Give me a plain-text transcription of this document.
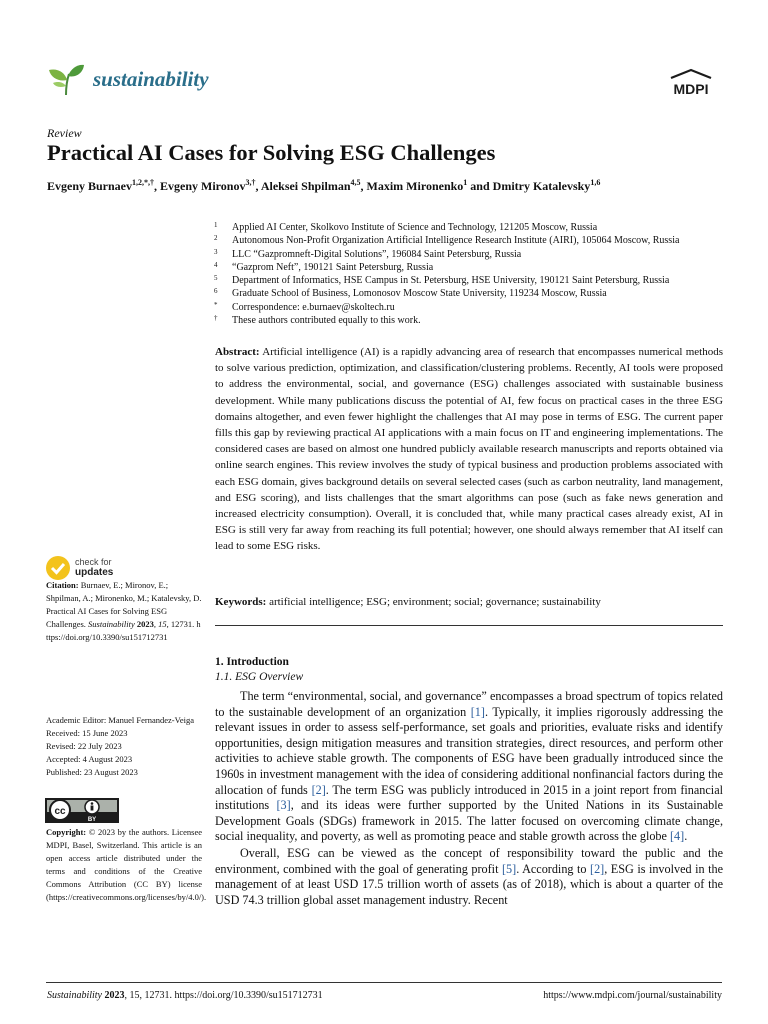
sustainability	MDPI
Review
Practical AI Cases for Solving ESG Challenges
Evgeny Burnaev$^{1,2,*,\dagger}$, Evgeny Mironov$^{3,\dagger}$, Aleksei Shpilman$^{4,5}$, Maxim Mironenko$^1$ and Dmitry Katalevsky$^{1,6}$
1	Applied AI Center, Skolkovo Institute of Science and Technology, 121205 Moscow, Russia
2	Autonomous Non-Profit Organization Artificial Intelligence Research Institute (AIRI), 105064 Moscow, Russia
3	LLC “Gazpromneft-Digital Solutions”, 196084 Saint Petersburg, Russia
4	“Gazprom Neft”, 190121 Saint Petersburg, Russia
5	Department of Informatics, HSE Campus in St. Petersburg, HSE University, 190121 Saint Petersburg, Russia
6	Graduate School of Business, Lomonosov Moscow State University, 119234 Moscow, Russia
*	Correspondence: e.burnaev@skoltech.ru
†	These authors contributed equally to this work.

Abstract: Artificial intelligence (AI) is a rapidly advancing area of research that encompasses numerical methods to solve various prediction, optimization, and classification/clustering problems. Recently, AI tools were proposed to address the environmental, social, and governance (ESG) challenges associated with sustainable business development. While many publications discuss the potential of AI, few focus on practical cases in the three ESG domains altogether, and even fewer highlight the challenges that AI may pose in terms of ESG. The current paper fills this gap by reviewing practical AI applications with a main focus on IT and engineering implementations. The considered cases are based on almost one hundred publicly available research manuscripts and reports obtained via online search engines. This review involves the study of typical business and production problems associated with each ESG domain, gives background details on several selected cases (such as carbon neutrality, land management, and ESG scoring), and lists challenges that the smart algorithms can pose (such as fake news generation and increased electricity consumption). Overall, it is concluded that, while many practical cases already exist, AI in ESG is still very far away from reaching its full potential; however, one should always remember that AI itself can lead to some ESG risks.

Keywords: artificial intelligence; ESG; environment; social; governance; sustainability

1. Introduction
1.1. ESG Overview

The term “environmental, social, and governance” encompasses a broad spectrum of topics related to the sustainable development of an organization [1]. Typically, it implies rigorously addressing the relevant issues in order to assess self-performance, set goals and priorities, evaluate risks and identify opportunities, design mitigation measures and transition strategies, direct resources, and perform other activities to achieve stable growth. The components of ESG have been gradually introduced since the 1960s in investment management with the idea of considering additional nonfinancial factors during the allocation of funds [2]. The term ESG was publicly introduced in 2015 in a joint report from financial institutions [3], and its ideas were further supported by the United Nations in its Sustainable Development Goals (SDGs) framework in 2015. The latter focused on overcoming climate change, social inequality, and poverty, as well as promoting peace and stable growth across the globe [4].

Overall, ESG can be viewed as the concept of responsibility toward the public and the environment, combined with the goal of generating profit [5]. According to [2], ESG is involved in the management of at least USD 17.5 trillion worth of assets (as of 2018), which is about a quarter of the USD 74.3 trillion global asset management industry. Recent

check for
updates
Citation: Burnaev, E.; Mironov, E.; Shpilman, A.; Mironenko, M.; Katalevsky, D. Practical AI Cases for Solving ESG Challenges. Sustainability 2023, 15, 12731. https://doi.org/10.3390/su151712731
Academic Editor: Manuel Fernandez-Veiga
Received: 15 June 2023
Revised: 22 July 2023
Accepted: 4 August 2023
Published: 23 August 2023
cc
BY
Copyright: © 2023 by the authors. Licensee MDPI, Basel, Switzerland. This article is an open access article distributed under the terms and conditions of the Creative Commons Attribution (CC BY) license (https://creativecommons.org/licenses/by/4.0/).
Sustainability 2023, 15, 12731. https://doi.org/10.3390/su151712731	https://www.mdpi.com/journal/sustainability
